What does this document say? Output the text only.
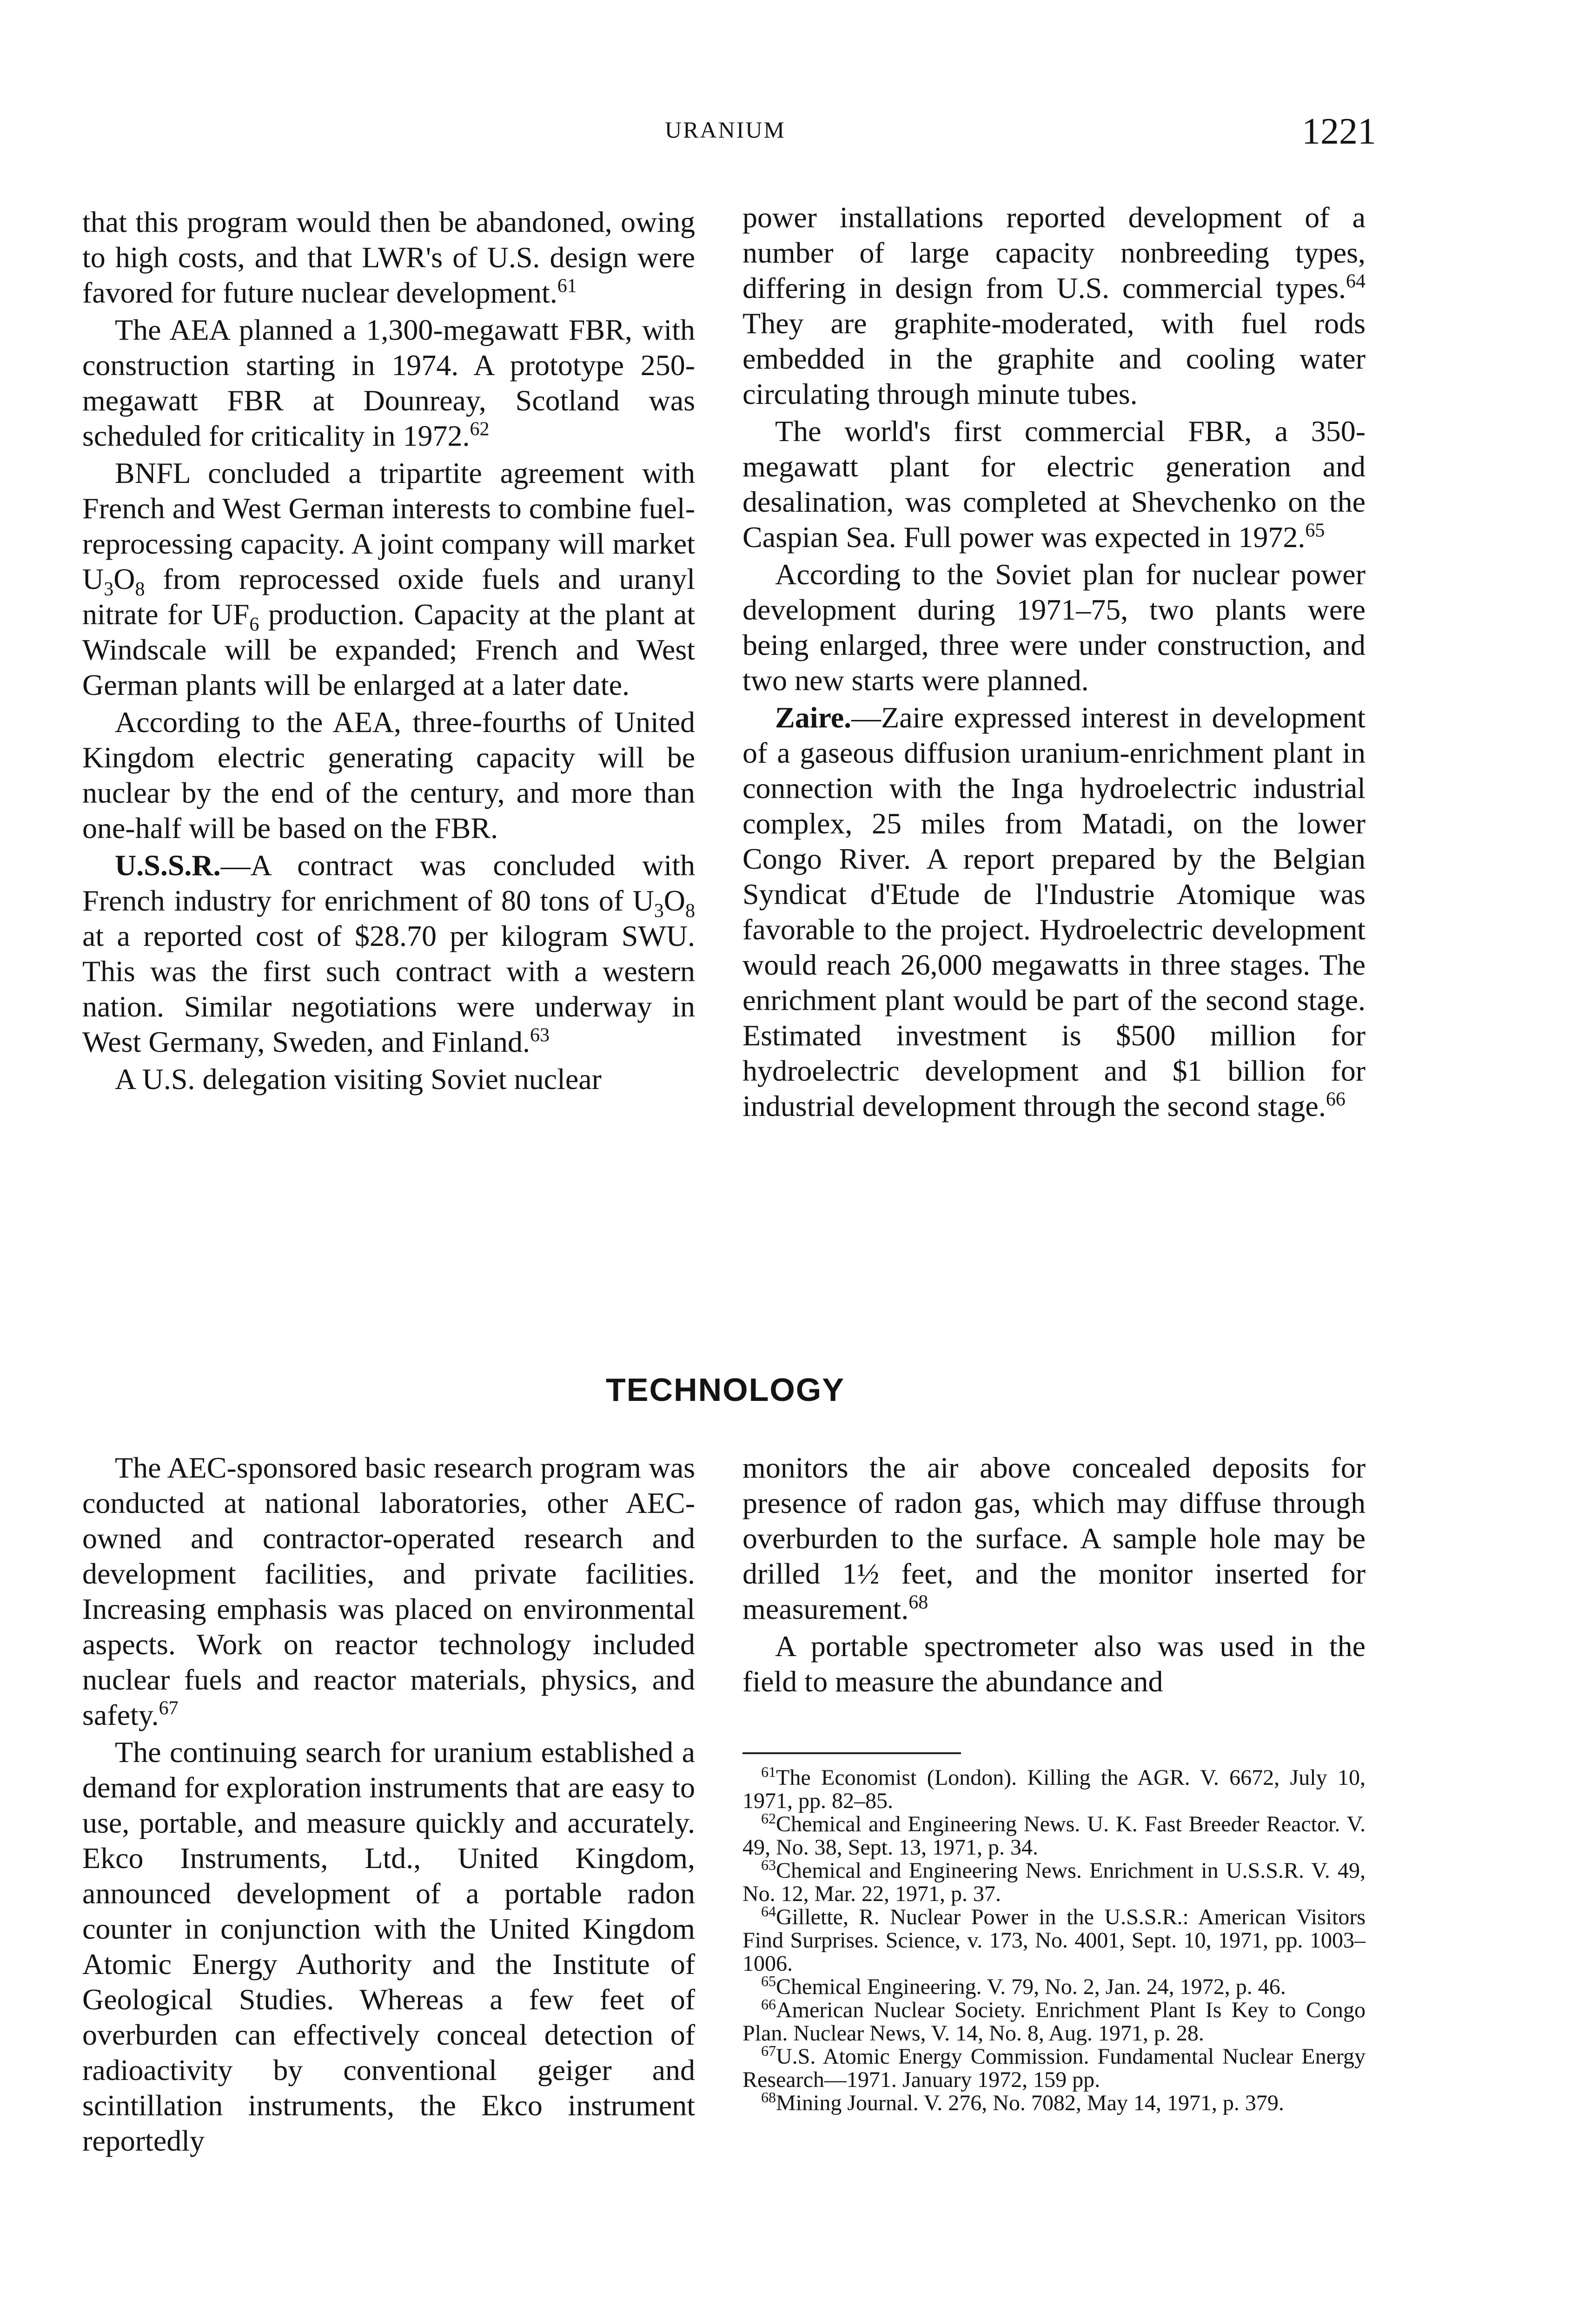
URANIUM	1221

that this program would then be abandoned, owing to high costs, and that LWR's of U.S. design were favored for future nuclear development.$^{61}$

The AEA planned a 1,300-megawatt FBR, with construction starting in 1974. A prototype 250-megawatt FBR at Dounreay, Scotland was scheduled for criticality in 1972.62

BNFL concluded a tripartite agreement with French and West German interests to combine fuel-reprocessing capacity. A joint company will market $U_3O_8$ from reprocessed oxide fuels and uranyl nitrate for $UF_6$ production. Capacity at the plant at Windscale will be expanded; French and West German plants will be enlarged at a later date.

According to the AEA, three-fourths of United Kingdom electric generating capacity will be nuclear by the end of the century, and more than one-half will be based on the FBR.

U.S.S.R.—A contract was concluded with French industry for enrichment of 80 tons of $U_3O_8$ at a reported cost of $28.70 per kilogram SWU. This was the first such contract with a western nation. Similar negotiations were underway in West Germany, Sweden, and Finland.$^{63}$

A U.S. delegation visiting Soviet nuclear

power installations reported development of a number of large capacity nonbreeding types, differing in design from U.S. commercial types.$^{64}$ They are graphite-moderated, with fuel rods embedded in the graphite and cooling water circulating through minute tubes.

The world's first commercial FBR, a 350-megawatt plant for electric generation and desalination, was completed at Shevchenko on the Caspian Sea. Full power was expected in 1972.65

According to the Soviet plan for nuclear power development during 1971–75, two plants were being enlarged, three were under construction, and two new starts were planned.

Zaire.—Zaire expressed interest in development of a gaseous diffusion uranium-enrichment plant in connection with the Inga hydroelectric industrial complex, 25 miles from Matadi, on the lower Congo River. A report prepared by the Belgian Syndicat d'Etude de l'Industrie Atomique was favorable to the project. Hydroelectric development would reach 26,000 megawatts in three stages. The enrichment plant would be part of the second stage. Estimated investment is $500 million for hydroelectric development and $1 billion for industrial development through the second stage.$^{66}$

TECHNOLOGY

The AEC-sponsored basic research program was conducted at national laboratories, other AEC-owned and contractor-operated research and development facilities, and private facilities. Increasing emphasis was placed on environmental aspects. Work on reactor technology included nuclear fuels and reactor materials, physics, and safety.$^{67}$

The continuing search for uranium established a demand for exploration instruments that are easy to use, portable, and measure quickly and accurately. Ekco Instruments, Ltd., United Kingdom, announced development of a portable radon counter in conjunction with the United Kingdom Atomic Energy Authority and the Institute of Geological Studies. Whereas a few feet of overburden can effectively conceal detection of radioactivity by conventional geiger and scintillation instruments, the Ekco instrument reportedly

monitors the air above concealed deposits for presence of radon gas, which may diffuse through overburden to the surface. A sample hole may be drilled 1½ feet, and the monitor inserted for measurement.$^{68}$

A portable spectrometer also was used in the field to measure the abundance and

$^{61}$The Economist (London). Killing the AGR. V. 6672, July 10, 1971, pp. 82–85.

$^{62}$Chemical and Engineering News. U. K. Fast Breeder Reactor. V. 49, No. 38, Sept. 13, 1971, p. 34.

$^{63}$Chemical and Engineering News. Enrichment in U.S.S.R. V. 49, No. 12, Mar. 22, 1971, p. 37.

$^{64}$Gillette, R. Nuclear Power in the U.S.S.R.: American Visitors Find Surprises. Science, v. 173, No. 4001, Sept. 10, 1971, pp. 1003–1006.

$^{65}$Chemical Engineering. V. 79, No. 2, Jan. 24, 1972, p. 46.

$^{66}$American Nuclear Society. Enrichment Plant Is Key to Congo Plan. Nuclear News, V. 14, No. 8, Aug. 1971, p. 28.

$^{67}$U.S. Atomic Energy Commission. Fundamental Nuclear Energy Research—1971. January 1972, 159 pp.

$^{68}$Mining Journal. V. 276, No. 7082, May 14, 1971, p. 379.
